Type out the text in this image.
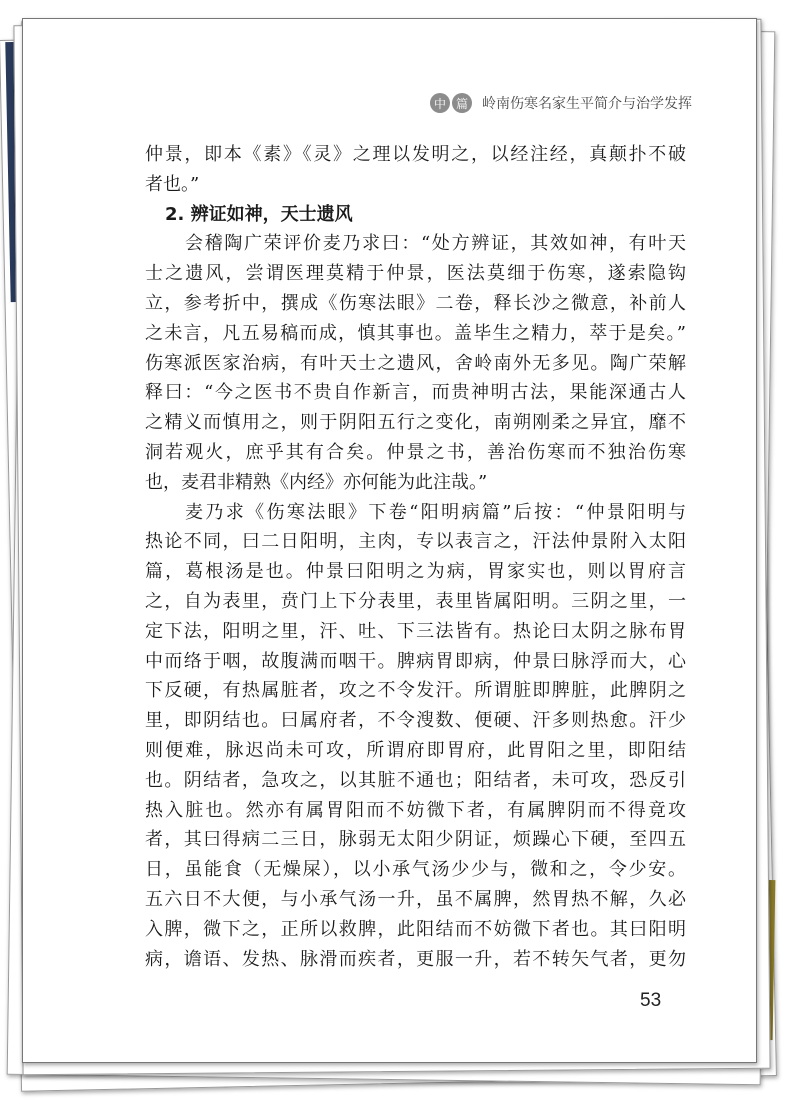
中 篇 岭南伤寒名家生平简介与治学发挥
仲景，即本《素》《灵》之理以发明之，以经注经，真颠扑不破
者也。”
2. 辨证如神，天士遗风
会稽陶广荣评价麦乃求曰：“处方辨证，其效如神，有叶天
士之遗风，尝谓医理莫精于仲景，医法莫细于伤寒，遂索隐钩
立，参考折中，撰成《伤寒法眼》二卷，释长沙之微意，补前人
之未言，凡五易稿而成，慎其事也。盖毕生之精力，萃于是矣。”
伤寒派医家治病，有叶天士之遗风，舍岭南外无多见。陶广荣解
释曰：“今之医书不贵自作新言，而贵神明古法，果能深通古人
之精义而慎用之，则于阴阳五行之变化，南朔刚柔之异宜，靡不
洞若观火，庶乎其有合矣。仲景之书，善治伤寒而不独治伤寒
也，麦君非精熟《内经》亦何能为此注哉。”
麦乃求《伤寒法眼》下卷“阳明病篇”后按：“仲景阳明与
热论不同，曰二日阳明，主肉，专以表言之，汗法仲景附入太阳
篇，葛根汤是也。仲景曰阳明之为病，胃家实也，则以胃府言
之，自为表里，贲门上下分表里，表里皆属阳明。三阴之里，一
定下法，阳明之里，汗、吐、下三法皆有。热论曰太阴之脉布胃
中而络于咽，故腹满而咽干。脾病胃即病，仲景曰脉浮而大，心
下反硬，有热属脏者，攻之不令发汗。所谓脏即脾脏，此脾阴之
里，即阴结也。曰属府者，不令溲数、便硬、汗多则热愈。汗少
则便难，脉迟尚未可攻，所谓府即胃府，此胃阳之里，即阳结
也。阴结者，急攻之，以其脏不通也；阳结者，未可攻，恐反引
热入脏也。然亦有属胃阳而不妨微下者，有属脾阴而不得竟攻
者，其曰得病二三日，脉弱无太阳少阴证，烦躁心下硬，至四五
日，虽能食（无燥屎），以小承气汤少少与，微和之，令少安。
五六日不大便，与小承气汤一升，虽不属脾，然胃热不解，久必
入脾，微下之，正所以救脾，此阳结而不妨微下者也。其曰阳明
病，谵语、发热、脉滑而疾者，更服一升，若不转矢气者，更勿
53
